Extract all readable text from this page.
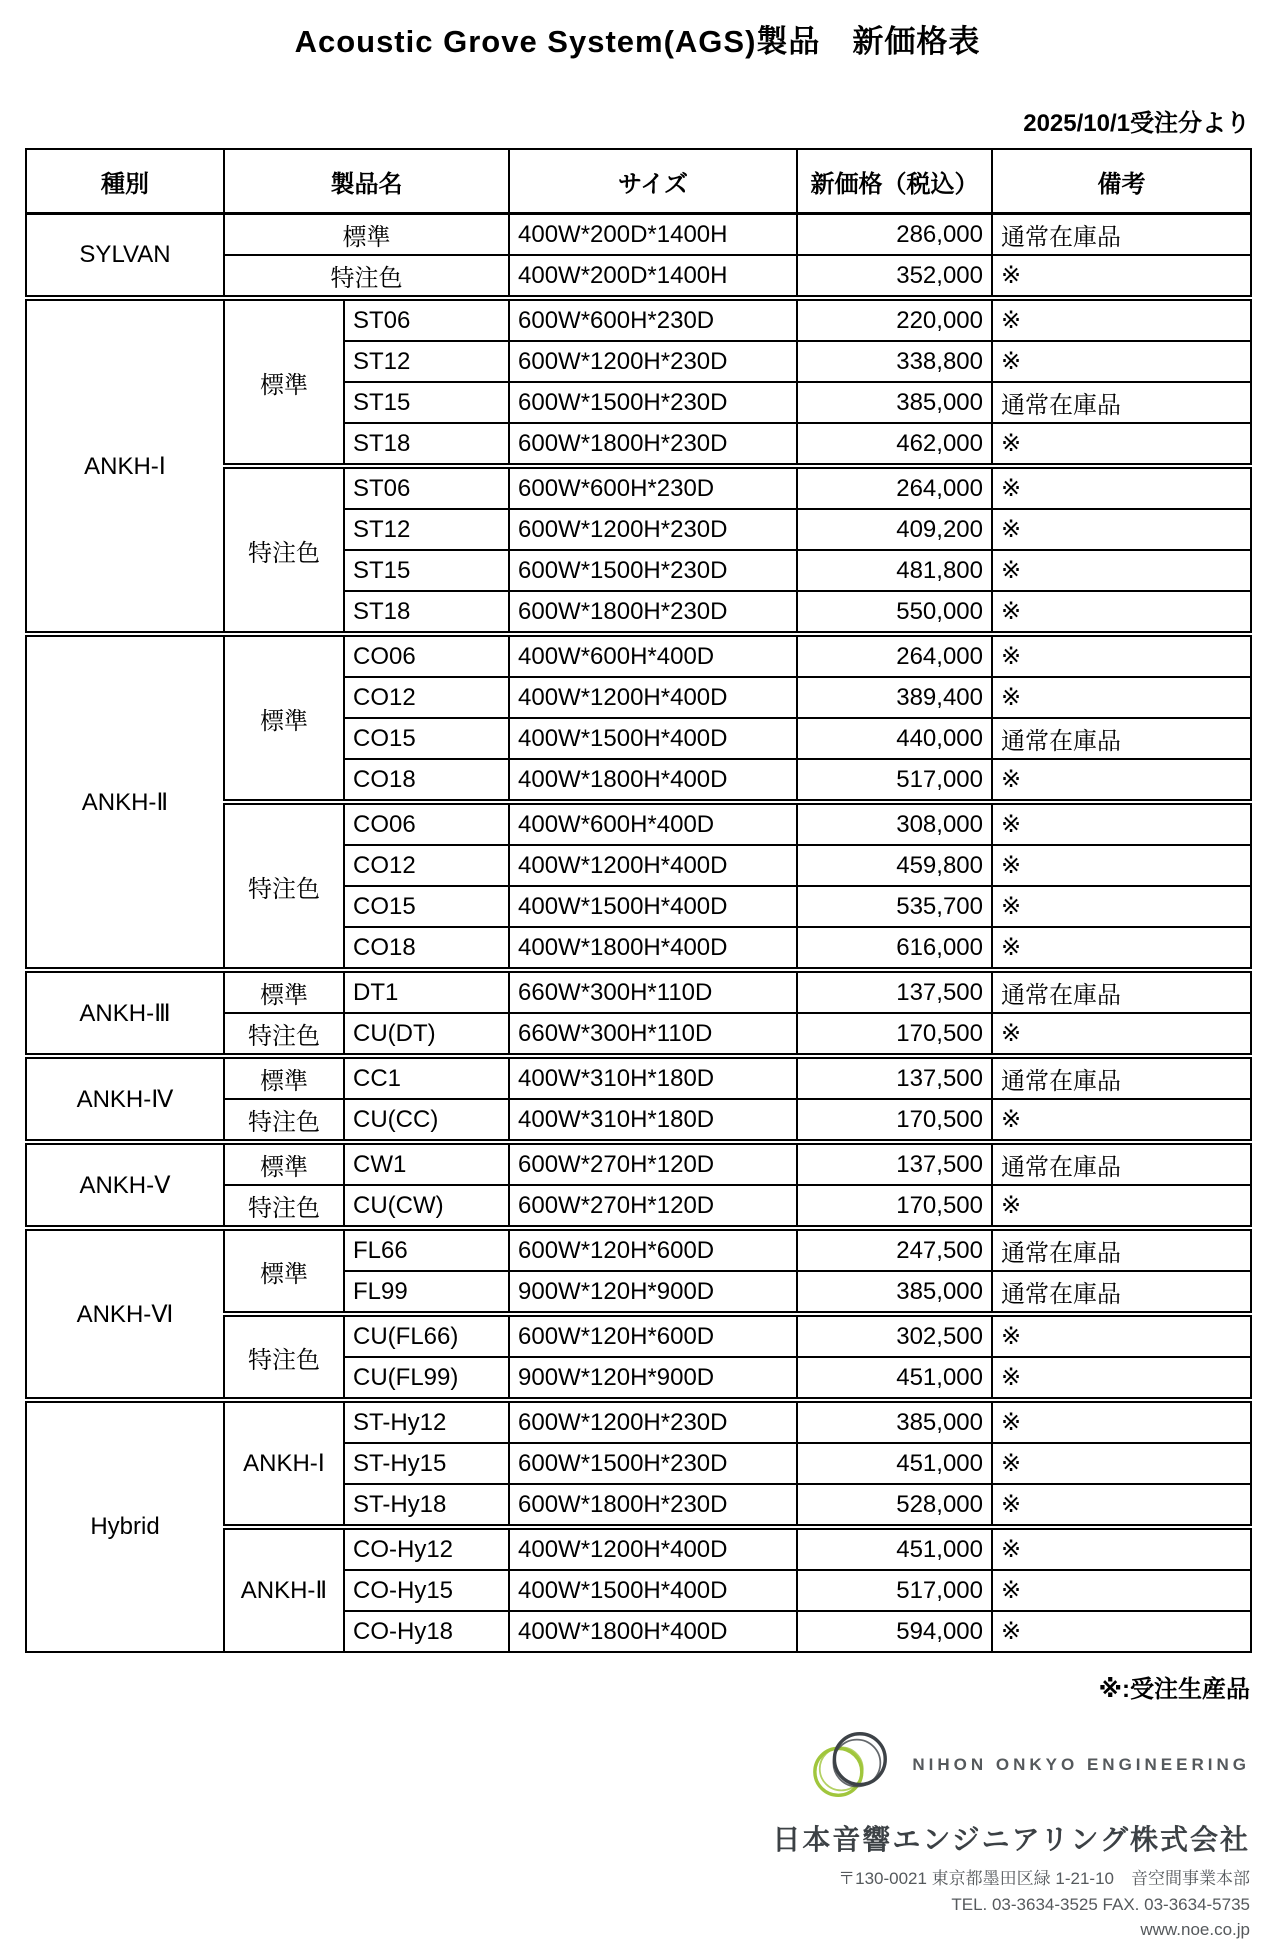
Acoustic Grove System(AGS)製品　新価格表
2025/10/1受注分より
種別	製品名		サイズ	新価格（税込）	備考
SYLVAN	標準		400W*200D*1400H	286,000	通常在庫品
	特注色		400W*200D*1400H	352,000	※
ANKH-Ⅰ	標準	ST06	600W*600H*230D	220,000	※
		ST12	600W*1200H*230D	338,800	※
		ST15	600W*1500H*230D	385,000	通常在庫品
		ST18	600W*1800H*230D	462,000	※
	特注色	ST06	600W*600H*230D	264,000	※
		ST12	600W*1200H*230D	409,200	※
		ST15	600W*1500H*230D	481,800	※
		ST18	600W*1800H*230D	550,000	※
ANKH-Ⅱ	標準	CO06	400W*600H*400D	264,000	※
		CO12	400W*1200H*400D	389,400	※
		CO15	400W*1500H*400D	440,000	通常在庫品
		CO18	400W*1800H*400D	517,000	※
	特注色	CO06	400W*600H*400D	308,000	※
		CO12	400W*1200H*400D	459,800	※
		CO15	400W*1500H*400D	535,700	※
		CO18	400W*1800H*400D	616,000	※
ANKH-Ⅲ	標準	DT1	660W*300H*110D	137,500	通常在庫品
	特注色	CU(DT)	660W*300H*110D	170,500	※
ANKH-Ⅳ	標準	CC1	400W*310H*180D	137,500	通常在庫品
	特注色	CU(CC)	400W*310H*180D	170,500	※
ANKH-Ⅴ	標準	CW1	600W*270H*120D	137,500	通常在庫品
	特注色	CU(CW)	600W*270H*120D	170,500	※
ANKH-Ⅵ	標準	FL66	600W*120H*600D	247,500	通常在庫品
		FL99	900W*120H*900D	385,000	通常在庫品
	特注色	CU(FL66)	600W*120H*600D	302,500	※
		CU(FL99)	900W*120H*900D	451,000	※
Hybrid	ANKH-Ⅰ	ST-Hy12	600W*1200H*230D	385,000	※
		ST-Hy15	600W*1500H*230D	451,000	※
		ST-Hy18	600W*1800H*230D	528,000	※
	ANKH-Ⅱ	CO-Hy12	400W*1200H*400D	451,000	※
		CO-Hy15	400W*1500H*400D	517,000	※
		CO-Hy18	400W*1800H*400D	594,000	※
※:受注生産品
NIHON ONKYO ENGINEERING
日本音響エンジニアリング株式会社
〒130-0021 東京都墨田区緑 1-21-10　音空間事業本部
TEL. 03-3634-3525 FAX. 03-3634-5735
www.noe.co.jp
